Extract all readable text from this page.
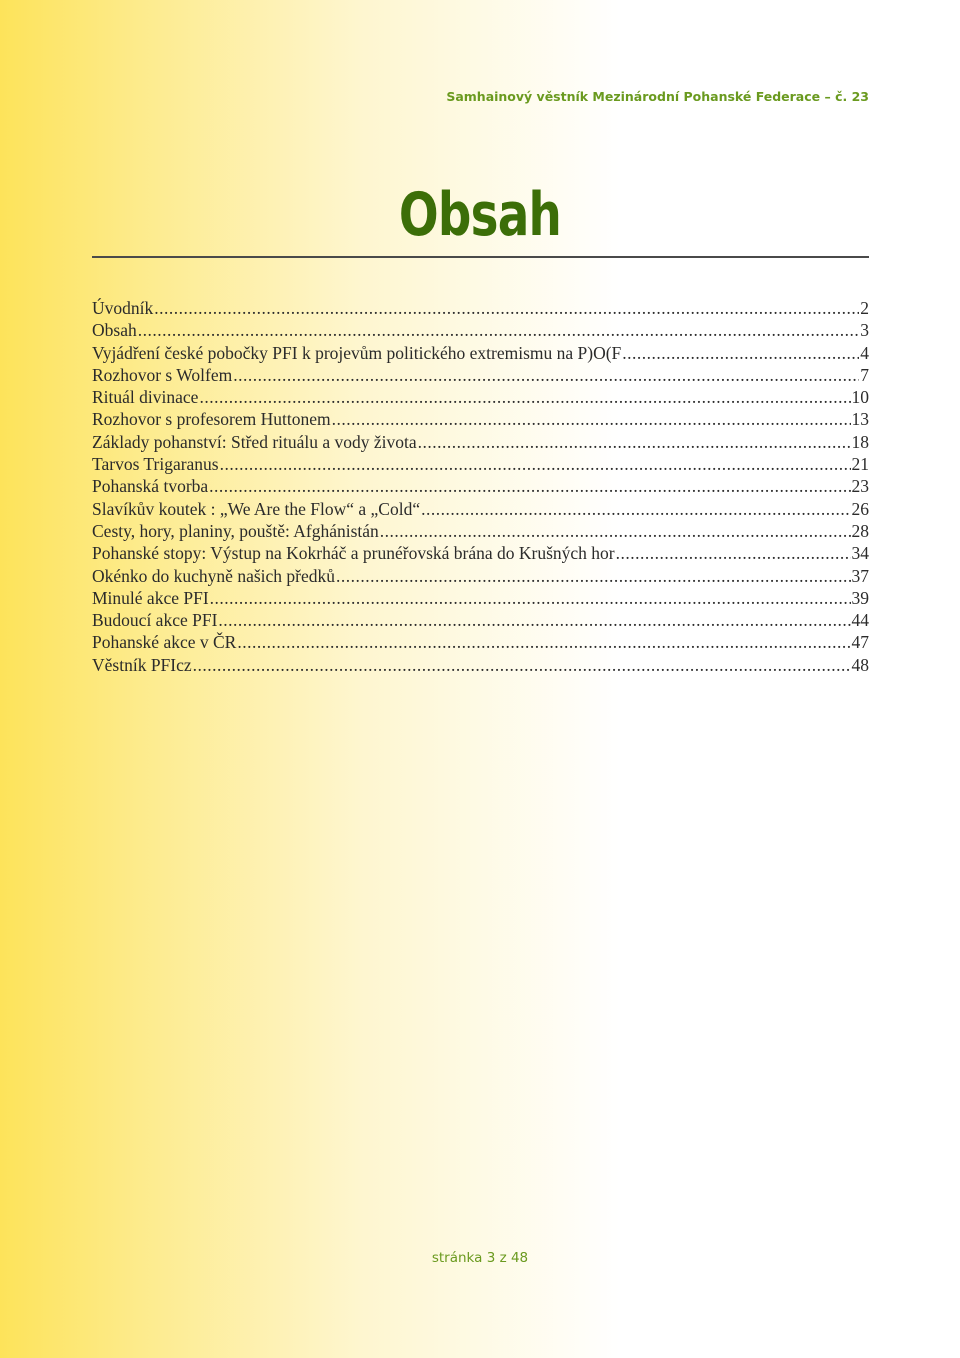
Samhainový věstník Mezinárodní Pohanské Federace – č. 23
Obsah
Úvodník .....	2
Obsah .....	3
Vyjádření české pobočky PFI k projevům politického extremismu na P)O(F .....	4
Rozhovor s Wolfem .....	7
Rituál divinace .....	10
Rozhovor s profesorem Huttonem .....	13
Základy pohanství: Střed rituálu a vody života .....	18
Tarvos Trigaranus .....	21
Pohanská tvorba .....	23
Slavíkův koutek : „We Are the Flow“ a „Cold“ .....	26
Cesty, hory, planiny, pouště: Afghánistán .....	28
Pohanské stopy: Výstup na Kokrháč a prunéřovská brána do Krušných hor .....	34
Okénko do kuchyně našich předků .....	37
Minulé akce PFI .....	39
Budoucí akce PFI .....	44
Pohanské akce v ČR .....	47
Věstník PFIcz .....	48
stránka 3 z 48
